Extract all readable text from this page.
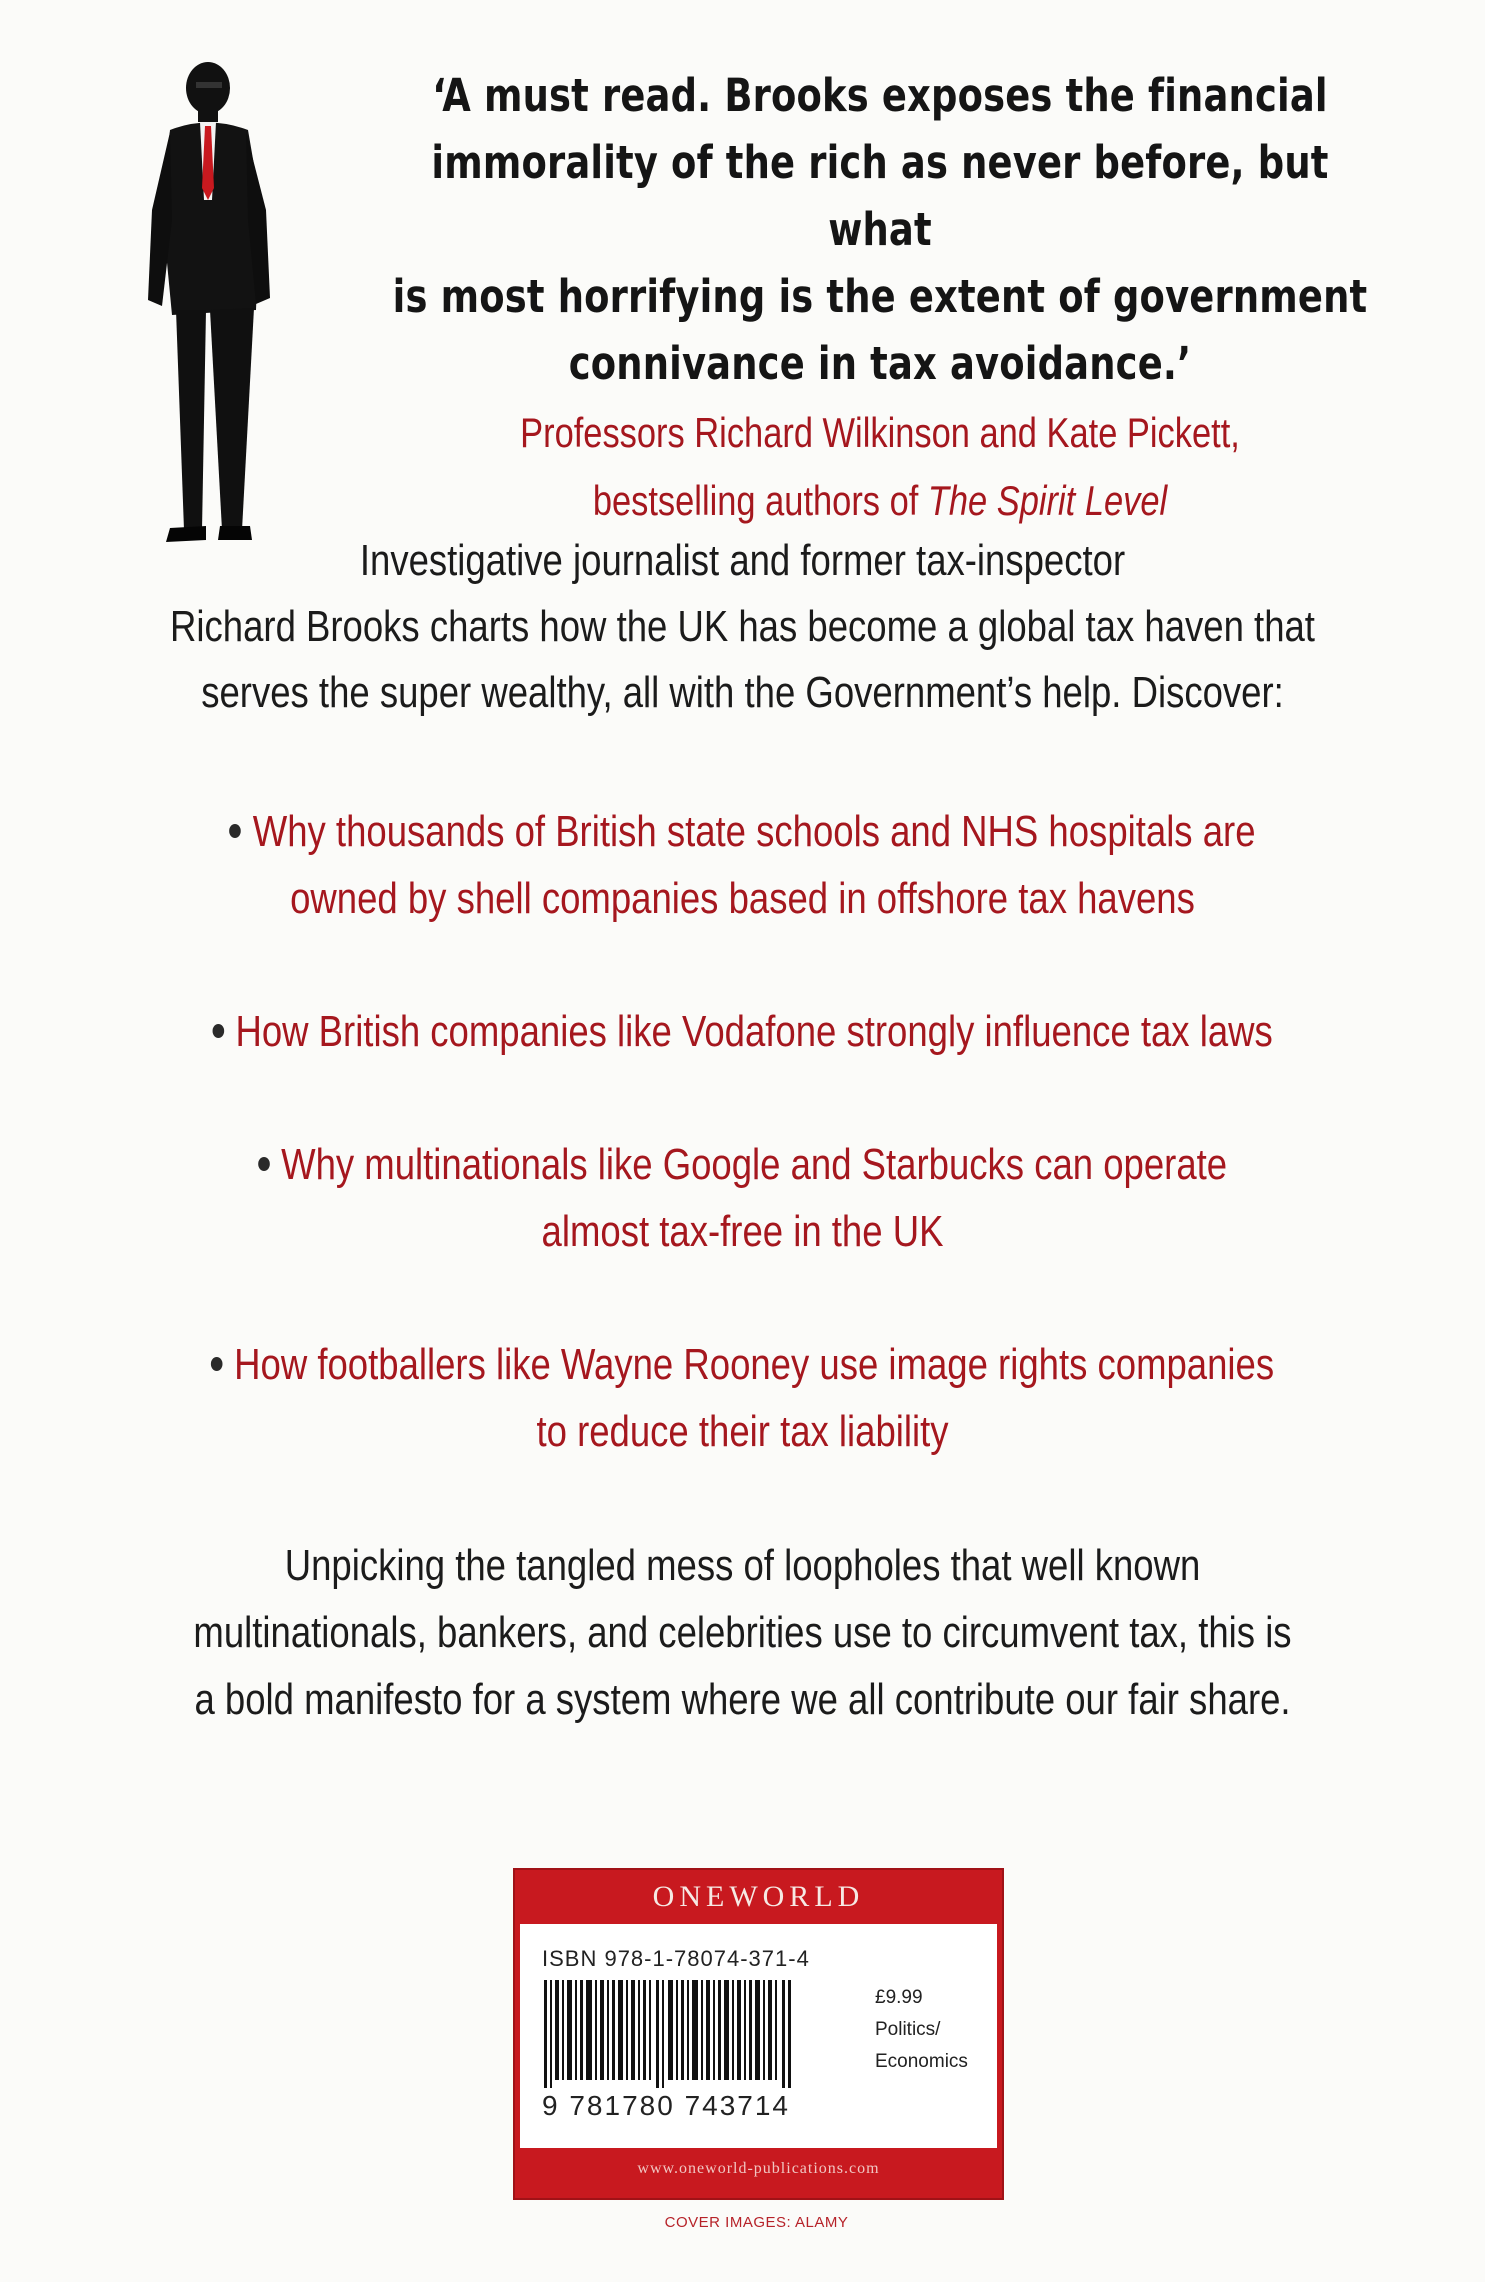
‘A must read. Brooks exposes the financial
immorality of the rich as never before, but what
is most horrifying is the extent of government
connivance in tax avoidance.’
Professors Richard Wilkinson and Kate Pickett,
bestselling authors of The Spirit Level
Investigative journalist and former tax-inspector
Richard Brooks charts how the UK has become a global tax haven that
serves the super wealthy, all with the Government’s help. Discover:
Why thousands of British state schools and NHS hospitals are
owned by shell companies based in offshore tax havens
How British companies like Vodafone strongly influence tax laws
Why multinationals like Google and Starbucks can operate
almost tax-free in the UK
How footballers like Wayne Rooney use image rights companies
to reduce their tax liability
Unpicking the tangled mess of loopholes that well known
multinationals, bankers, and celebrities use to circumvent tax, this is
a bold manifesto for a system where we all contribute our fair share.
ONEWORLD
ISBN 978-1-78074-371-4
9 781780 743714
£9.99
Politics/
Economics
www.oneworld-publications.com
COVER IMAGES: ALAMY
